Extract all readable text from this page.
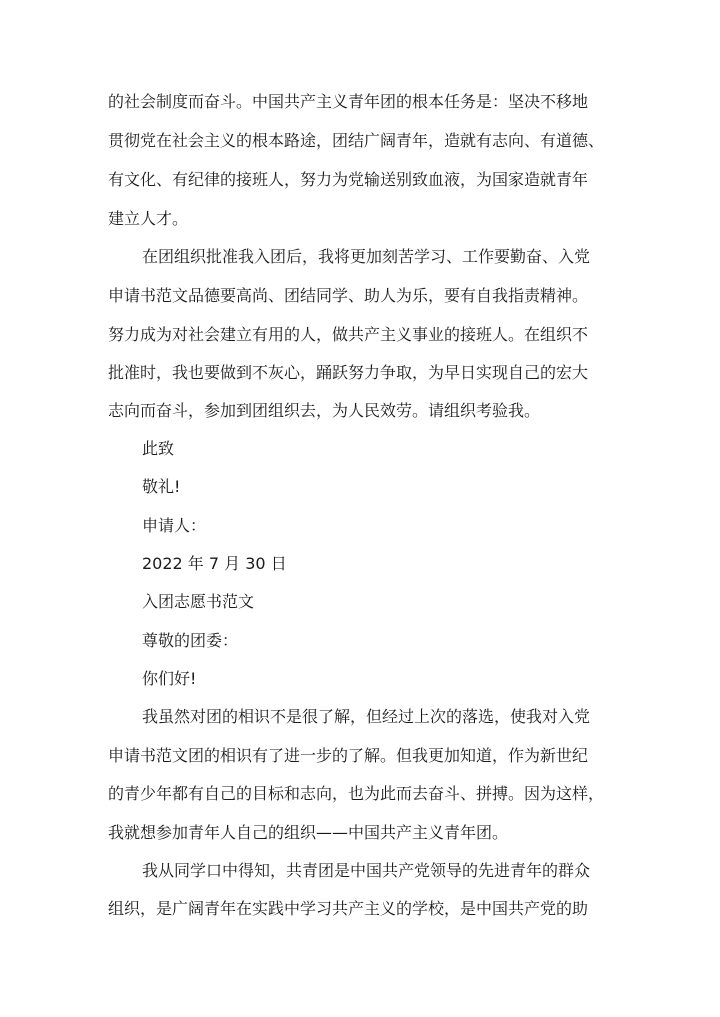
的社会制度而奋斗。中国共产主义青年团的根本任务是：坚决不移地
贯彻党在社会主义的根本路途，团结广阔青年，造就有志向、有道德、
有文化、有纪律的接班人，努力为党输送别致血液，为国家造就青年
建立人才。
在团组织批准我入团后，我将更加刻苦学习、工作要勤奋、入党
申请书范文品德要高尚、团结同学、助人为乐，要有自我指责精神。
努力成为对社会建立有用的人，做共产主义事业的接班人。在组织不
批准时，我也要做到不灰心，踊跃努力争取，为早日实现自己的宏大
志向而奋斗，参加到团组织去，为人民效劳。请组织考验我。
此致
敬礼!
申请人：
2022 年 7 月 30 日
入团志愿书范文
尊敬的团委：
你们好!
我虽然对团的相识不是很了解，但经过上次的落选，使我对入党
申请书范文团的相识有了进一步的了解。但我更加知道，作为新世纪
的青少年都有自己的目标和志向，也为此而去奋斗、拼搏。因为这样，
我就想参加青年人自己的组织——中国共产主义青年团。
我从同学口中得知，共青团是中国共产党领导的先进青年的群众
组织，是广阔青年在实践中学习共产主义的学校，是中国共产党的助
